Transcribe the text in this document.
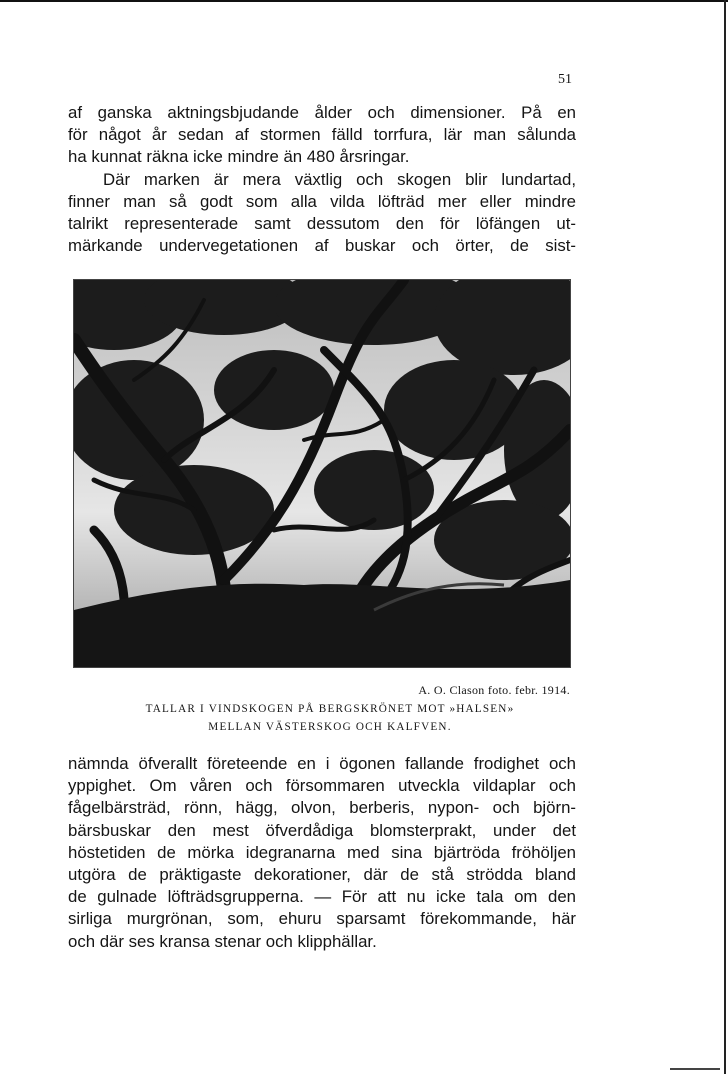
51
af ganska aktningsbjudande ålder och dimensioner. På en
för något år sedan af stormen fälld torrfura, lär man sålunda
ha kunnat räkna icke mindre än 480 årsringar.
Där marken är mera växtlig och skogen blir lundartad,
finner man så godt som alla vilda löfträd mer eller mindre
talrikt representerade samt dessutom den för löfängen ut-
märkande undervegetationen af buskar och örter, de sist-
A. O. Clason foto. febr. 1914.
TALLAR I VINDSKOGEN PÅ BERGSKRÖNET MOT »HALSEN»
MELLAN VÄSTERSKOG OCH KALFVEN.
nämnda öfverallt företeende en i ögonen fallande frodighet och
yppighet. Om våren och försommaren utveckla vildaplar och
fågelbärsträd, rönn, hägg, olvon, berberis, nypon- och björn-
bärsbuskar den mest öfverdådiga blomsterprakt, under det
höstetiden de mörka idegranarna med sina bjärtröda fröhöljen
utgöra de präktigaste dekorationer, där de stå strödda bland
de gulnade löfträdsgrupperna. — För att nu icke tala om den
sirliga murgrönan, som, ehuru sparsamt förekommande, här
och där ses kransa stenar och klipphällar.
